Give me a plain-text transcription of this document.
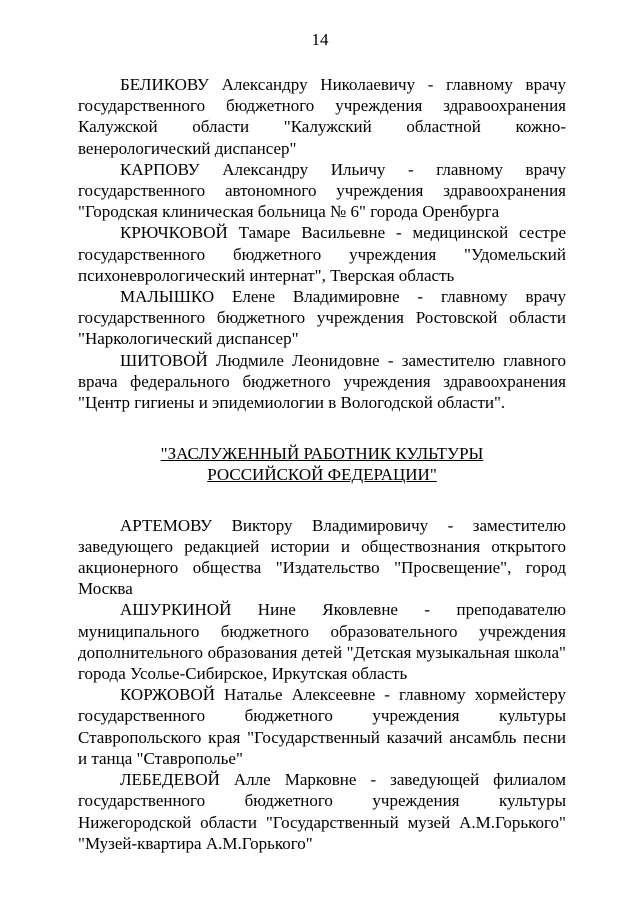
14

БЕЛИКОВУ Александру Николаевичу - главному врачу государственного бюджетного учреждения здравоохранения Калужской области "Калужский областной кожно-венерологический диспансер"

КАРПОВУ Александру Ильичу - главному врачу государственного автономного учреждения здравоохранения "Городская клиническая больница № 6" города Оренбурга

КРЮЧКОВОЙ Тамаре Васильевне - медицинской сестре государственного бюджетного учреждения "Удомельский психоневрологический интернат", Тверская область

МАЛЫШКО Елене Владимировне - главному врачу государственного бюджетного учреждения Ростовской области "Наркологический диспансер"

ШИТОВОЙ Людмиле Леонидовне - заместителю главного врача федерального бюджетного учреждения здравоохранения "Центр гигиены и эпидемиологии в Вологодской области".

"ЗАСЛУЖЕННЫЙ РАБОТНИК КУЛЬТУРЫ
РОССИЙСКОЙ ФЕДЕРАЦИИ"

АРТЕМОВУ Виктору Владимировичу - заместителю заведующего редакцией истории и обществознания открытого акционерного общества "Издательство "Просвещение", город Москва

АШУРКИНОЙ Нине Яковлевне - преподавателю муниципального бюджетного образовательного учреждения дополнительного образования детей "Детская музыкальная школа" города Усолье-Сибирское, Иркутская область

КОРЖОВОЙ Наталье Алексеевне - главному хормейстеру государственного бюджетного учреждения культуры Ставропольского края "Государственный казачий ансамбль песни и танца "Ставрополье"

ЛЕБЕДЕВОЙ Алле Марковне - заведующей филиалом государственного бюджетного учреждения культуры Нижегородской области "Государственный музей А.М.Горького" "Музей-квартира А.М.Горького"
